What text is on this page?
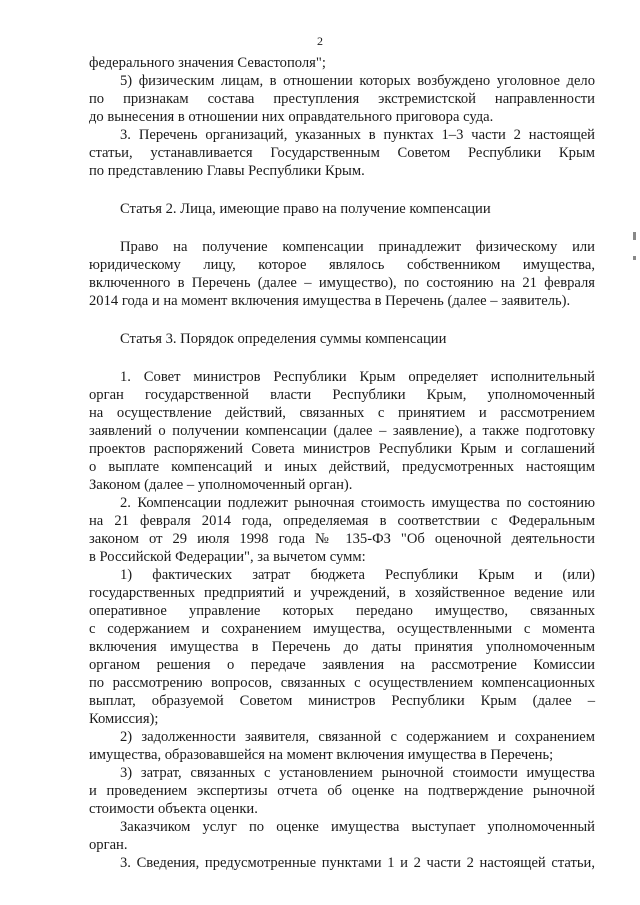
2
федерального значения Севастополя";
5) физическим лицам, в отношении которых возбуждено уголовное дело
по признакам состава преступления экстремистской направленности
до вынесения в отношении них оправдательного приговора суда.
3. Перечень организаций, указанных в пунктах 1–3 части 2 настоящей
статьи, устанавливается Государственным Советом Республики Крым
по представлению Главы Республики Крым.
Статья 2. Лица, имеющие право на получение компенсации
Право на получение компенсации принадлежит физическому или
юридическому лицу, которое являлось собственником имущества,
включенного в Перечень (далее – имущество), по состоянию на 21 февраля
2014 года и на момент включения имущества в Перечень (далее – заявитель).
Статья 3. Порядок определения суммы компенсации
1. Совет министров Республики Крым определяет исполнительный
орган государственной власти Республики Крым, уполномоченный
на осуществление действий, связанных с принятием и рассмотрением
заявлений о получении компенсации (далее – заявление), а также подготовку
проектов распоряжений Совета министров Республики Крым и соглашений
о выплате компенсаций и иных действий, предусмотренных настоящим
Законом (далее – уполномоченный орган).
2. Компенсации подлежит рыночная стоимость имущества по состоянию
на 21 февраля 2014 года, определяемая в соответствии с Федеральным
законом от 29 июля 1998 года № 135-ФЗ "Об оценочной деятельности
в Российской Федерации", за вычетом сумм:
1) фактических затрат бюджета Республики Крым и (или)
государственных предприятий и учреждений, в хозяйственное ведение или
оперативное управление которых передано имущество, связанных
с содержанием и сохранением имущества, осуществленными с момента
включения имущества в Перечень до даты принятия уполномоченным
органом решения о передаче заявления на рассмотрение Комиссии
по рассмотрению вопросов, связанных с осуществлением компенсационных
выплат, образуемой Советом министров Республики Крым (далее –
Комиссия);
2) задолженности заявителя, связанной с содержанием и сохранением
имущества, образовавшейся на момент включения имущества в Перечень;
3) затрат, связанных с установлением рыночной стоимости имущества
и проведением экспертизы отчета об оценке на подтверждение рыночной
стоимости объекта оценки.
Заказчиком услуг по оценке имущества выступает уполномоченный
орган.
3. Сведения, предусмотренные пунктами 1 и 2 части 2 настоящей статьи,
